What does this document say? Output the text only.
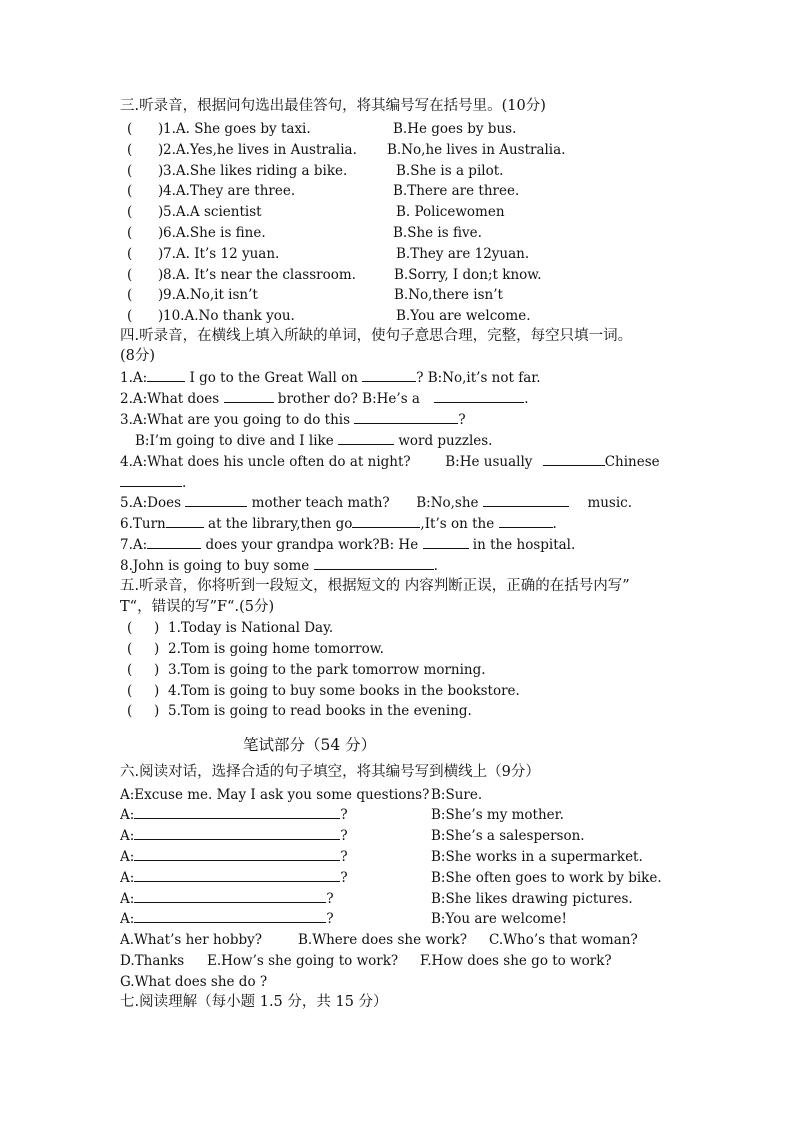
三.听录音，根据问句选出最佳答句，将其编号写在括号里。(10分)
( ) 1.A. She goes by taxi.	B.He goes by bus.
( ) 2.A.Yes,he lives in Australia. B.No,he lives in Australia.
( ) 3.A.She likes riding a bike.	B.She is a pilot.
( ) 4.A.They are three.	B.There are three.
( ) 5.A.A scientist	B. Policewomen
( ) 6.A.She is fine.	B.She is five.
( ) 7.A. It’s 12 yuan.	B.They are 12yuan.
( ) 8.A. It’s near the classroom.	B.Sorry, I don;t know.
( ) 9.A.No,it isn’t	B.No,there isn’t
( ) 10.A.No thank you.	B.You are welcome.
四.听录音，在横线上填入所缺的单词，使句子意思合理，完整，每空只填一词。
(8分)
1.A:	I go to the Great Wall on	? B:No,it’s not far.
2.A:What does	brother do? B:He’s a	.
3.A:What are you going to do this	?
B:I’m going to dive and I like	word puzzles.
4.A:What does his uncle often do at night?	B:He usually	Chinese
.
5.A:Does	mother teach math? B:No,she	music.
6.Turn	at the library,then go	,It’s on the	.
7.A:	does your grandpa work?B: He	in the hospital.
8.John is going to buy some	.
五.听录音，你将听到一段短文，根据短文的 内容判断正误，正确的在括号内写”
T“，错误的写”F“.(5分)
( ) 1.Today is National Day.
( ) 2.Tom is going home tomorrow.
( ) 3.Tom is going to the park tomorrow morning.
( ) 4.Tom is going to buy some books in the bookstore.
( ) 5.Tom is going to read books in the evening.
笔试部分（54 分）
六.阅读对话，选择合适的句子填空，将其编号写到横线上（9分）
A:Excuse me. May I ask you some questions? B:Sure.
A:	?	B:She’s my mother.
A:	?	B:She’s a salesperson.
A:	?	B:She works in a supermarket.
A:	?	B:She often goes to work by bike.
A:	?	B:She likes drawing pictures.
A:	?	B:You are welcome!
A.What’s her hobby?	B.Where does she work? C.Who’s that woman?
D.Thanks E.How’s she going to work? F.How does she go to work?
G.What does she do ?
七.阅读理解（每小题 1.5 分，共 15 分）
